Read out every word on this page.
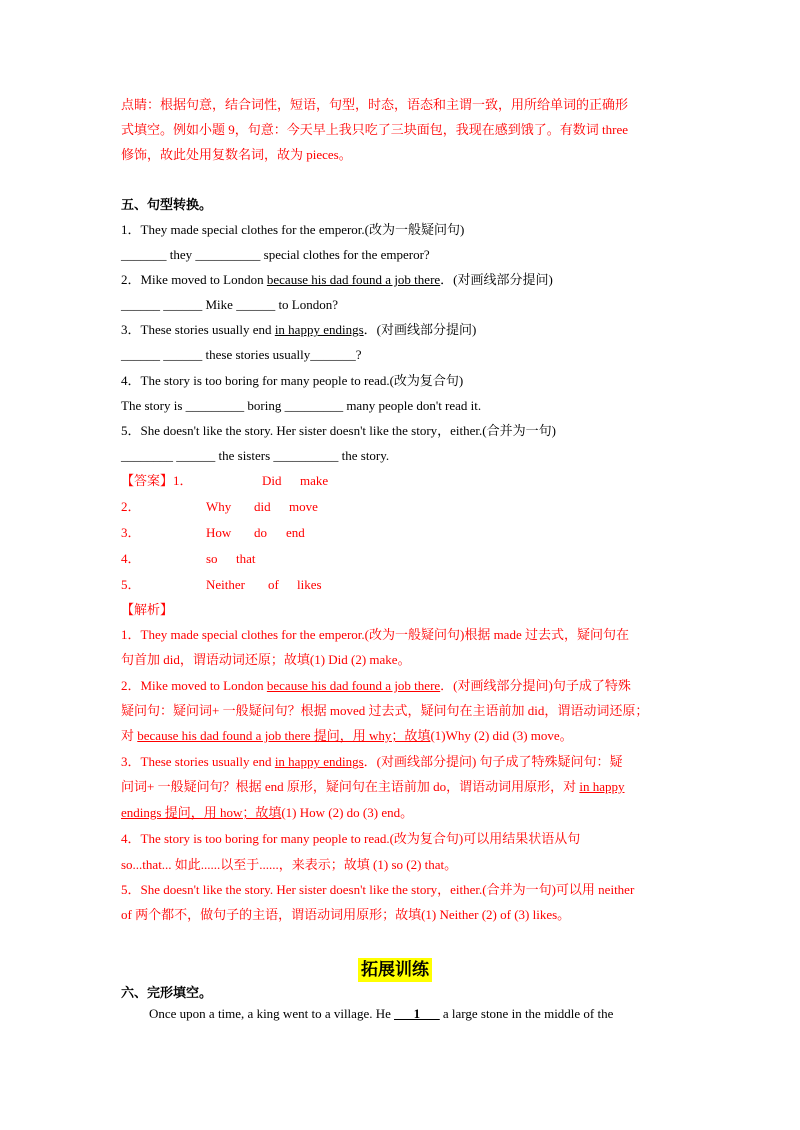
点睛：根据句意，结合词性，短语，句型，时态，语态和主谓一致，用所给单词的正确形
式填空。例如小题 9，句意：今天早上我只吃了三块面包，我现在感到饿了。有数词 three
修饰，故此处用复数名词，故为 pieces。
五、句型转换。
1．They made special clothes for the emperor.(改为一般疑问句)
_______ they __________ special clothes for the emperor?
2．Mike moved to London because his dad found a job there．(对画线部分提问)
______ ______ Mike ______ to London?
3．These stories usually end in happy endings．(对画线部分提问)
______ ______ these stories usually_______?
4．The story is too boring for many people to read.(改为复合句)
The story is _________ boring _________ many people don't read it.
5．She doesn't like the story. Her sister doesn't like the story，either.(合并为一句)
________ ______ the sisters __________ the story.
【答案】1．	Did make
2．	Why did move
3．	How do end
4．	so that
5．	Neither of likes
【解析】
1．They made special clothes for the emperor.(改为一般疑问句)根据 made 过去式，疑问句在
句首加 did，谓语动词还原；故填(1) Did (2) make。
2．Mike moved to London because his dad found a job there．(对画线部分提问)句子成了特殊
疑问句：疑问词+ 一般疑问句？根据 moved 过去式，疑问句在主语前加 did，谓语动词还原；
对 because his dad found a job there 提问，用 why；故填(1)Why (2) did (3) move。
3．These stories usually end in happy endings．(对画线部分提问) 句子成了特殊疑问句：疑
问词+ 一般疑问句？根据 end 原形，疑问句在主语前加 do，谓语动词用原形，对 in happy
endings 提问，用 how；故填(1) How (2) do (3) end。
4．The story is too boring for many people to read.(改为复合句)可以用结果状语从句
so...that... 如此......以至于......，来表示；故填 (1) so (2) that。
5．She doesn't like the story. Her sister doesn't like the story，either.(合并为一句)可以用 neither
of 两个都不，做句子的主语，谓语动词用原形；故填(1) Neither (2) of (3) likes。
拓展训练
六、完形填空。
Once upon a time, a king went to a village. He ___1___ a large stone in the middle of the
